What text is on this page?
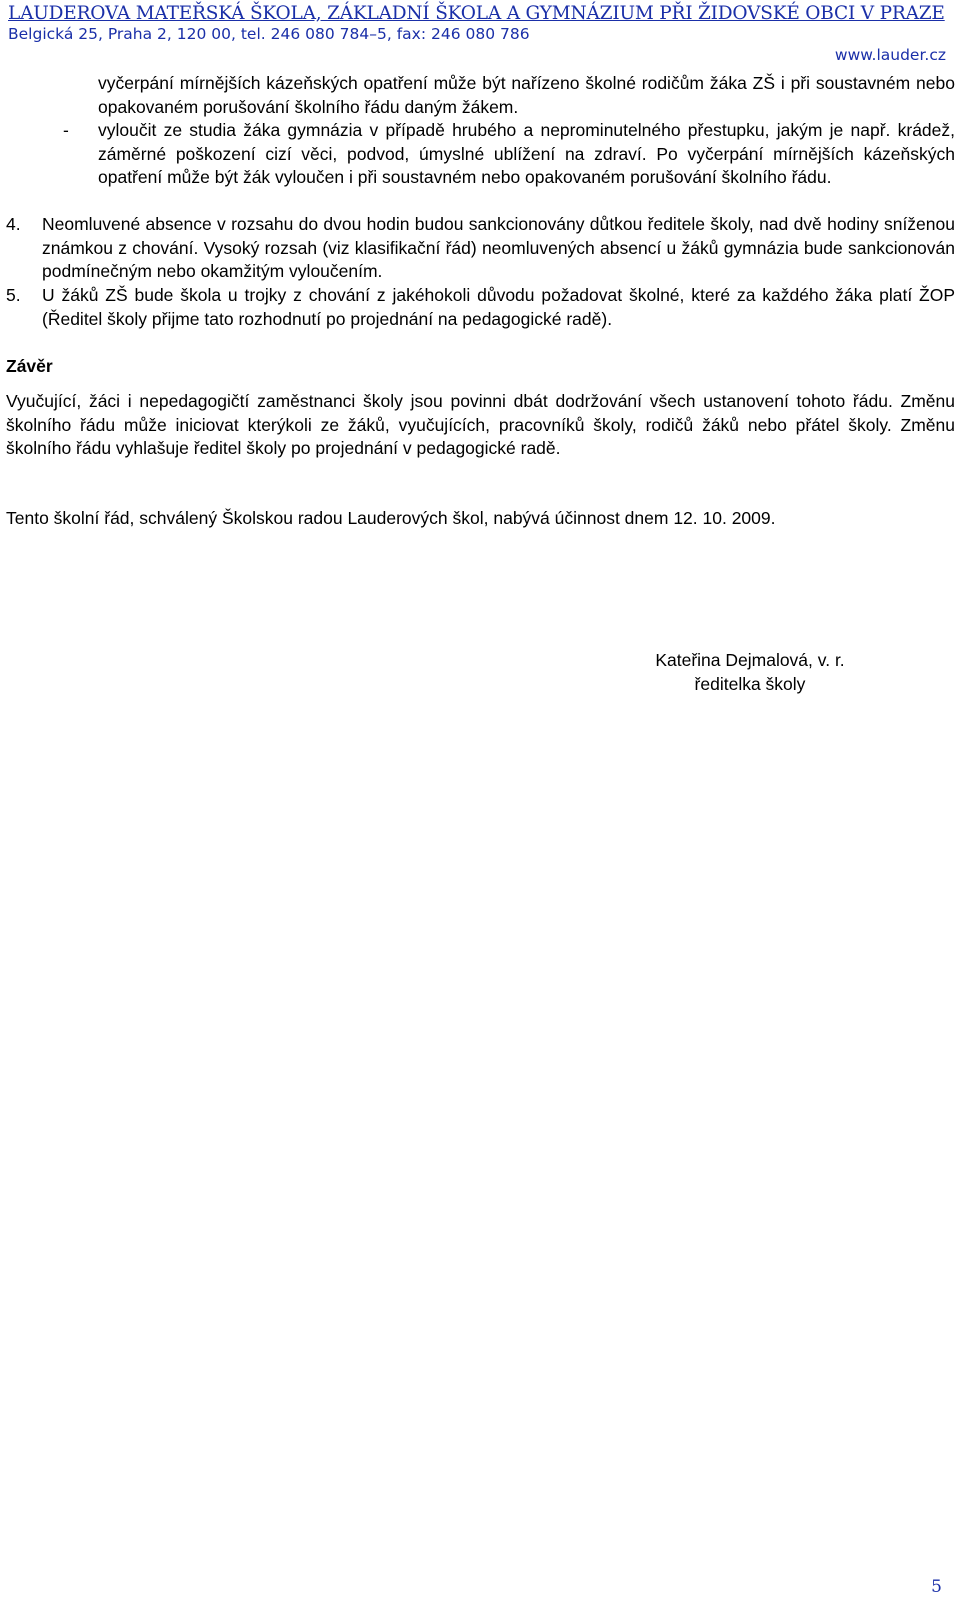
LAUDEROVA MATEŘSKÁ ŠKOLA, ZÁKLADNÍ ŠKOLA A GYMNÁZIUM PŘI ŽIDOVSKÉ OBCI V PRAZE
Belgická 25, Praha 2, 120 00, tel. 246 080 784–5, fax: 246 080 786
www.lauder.cz
vyčerpání mírnějších kázeňských opatření může být nařízeno školné rodičům žáka ZŠ i při soustavném nebo opakovaném porušování školního řádu daným žákem.
- vyloučit ze studia žáka gymnázia v případě hrubého a neprominutelného přestupku, jakým je např. krádež, záměrné poškození cizí věci, podvod, úmyslné ublížení na zdraví. Po vyčerpání mírnějších kázeňských opatření může být žák vyloučen i při soustavném nebo opakovaném porušování školního řádu.
4. Neomluvené absence v rozsahu do dvou hodin budou sankcionovány důtkou ředitele školy, nad dvě hodiny sníženou známkou z chování. Vysoký rozsah (viz klasifikační řád) neomluvených absencí u žáků gymnázia bude sankcionován podmínečným nebo okamžitým vyloučením.
5. U žáků ZŠ bude škola u trojky z chování z jakéhokoli důvodu požadovat školné, které za každého žáka platí ŽOP (Ředitel školy přijme tato rozhodnutí po projednání na pedagogické radě).
Závěr
Vyučující, žáci i nepedagogičtí zaměstnanci školy jsou povinni dbát dodržování všech ustanovení tohoto řádu. Změnu školního řádu může iniciovat kterýkoli ze žáků, vyučujících, pracovníků školy, rodičů žáků nebo přátel školy. Změnu školního řádu vyhlašuje ředitel školy po projednání v pedagogické radě.
Tento školní řád, schválený Školskou radou Lauderových škol, nabývá účinnost dnem 12. 10. 2009.
Kateřina Dejmalová, v. r.
ředitelka školy
5
